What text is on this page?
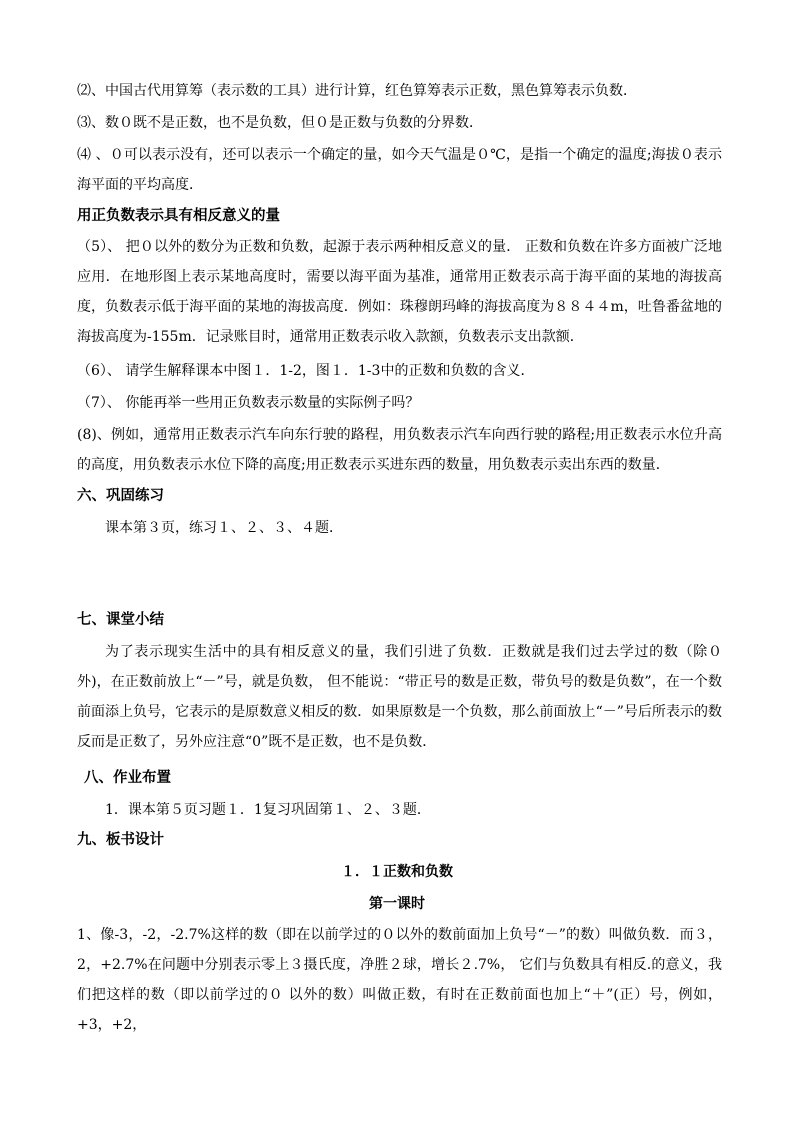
⑵、中国古代用算筹（表示数的工具）进行计算，红色算筹表示正数，黑色算筹表示负数．
⑶、数０既不是正数，也不是负数，但０是正数与负数的分界数．
⑷ 、０可以表示没有，还可以表示一个确定的量，如今天气温是０℃，是指一个确定的温度;海拔０表示海平面的平均高度．
用正负数表示具有相反意义的量
（5）、 把０以外的数分为正数和负数，起源于表示两种相反意义的量． 正数和负数在许多方面被广泛地应用．在地形图上表示某地高度时，需要以海平面为基准，通常用正数表示高于海平面的某地的海拔高度，负数表示低于海平面的某地的海拔高度．例如：珠穆朗玛峰的海拔高度为８８４４m，吐鲁番盆地的海拔高度为-155m．记录账目时，通常用正数表示收入款额，负数表示支出款额．
（6）、 请学生解释课本中图１．1-2，图１．1-3中的正数和负数的含义．
（7）、 你能再举一些用正负数表示数量的实际例子吗？
(8)、例如，通常用正数表示汽车向东行驶的路程，用负数表示汽车向西行驶的路程;用正数表示水位升高的高度，用负数表示水位下降的高度;用正数表示买进东西的数量，用负数表示卖出东西的数量．
六、巩固练习
课本第３页，练习１、２、３、４题．
七、课堂小结
为了表示现实生活中的具有相反意义的量，我们引进了负数．正数就是我们过去学过的数（除０外)，在正数前放上“－”号，就是负数， 但不能说：“带正号的数是正数，带负号的数是负数”，在一个数前面添上负号，它表示的是原数意义相反的数．如果原数是一个负数，那么前面放上“－”号后所表示的数反而是正数了，另外应注意“0”既不是正数，也不是负数．
八、作业布置
1．课本第５页习题１．1复习巩固第１、２、３题．
九、板书设计
１．１正数和负数
第一课时
1、像-3，-2，-2.7%这样的数（即在以前学过的０以外的数前面加上负号“－”的数）叫做负数．而３，2，+2.7%在问题中分别表示零上３摄氏度，净胜２球，增长２.7%， 它们与负数具有相反.的意义，我们把这样的数（即以前学过的０ 以外的数）叫做正数，有时在正数前面也加上“＋”(正）号，例如，+3，+2，
